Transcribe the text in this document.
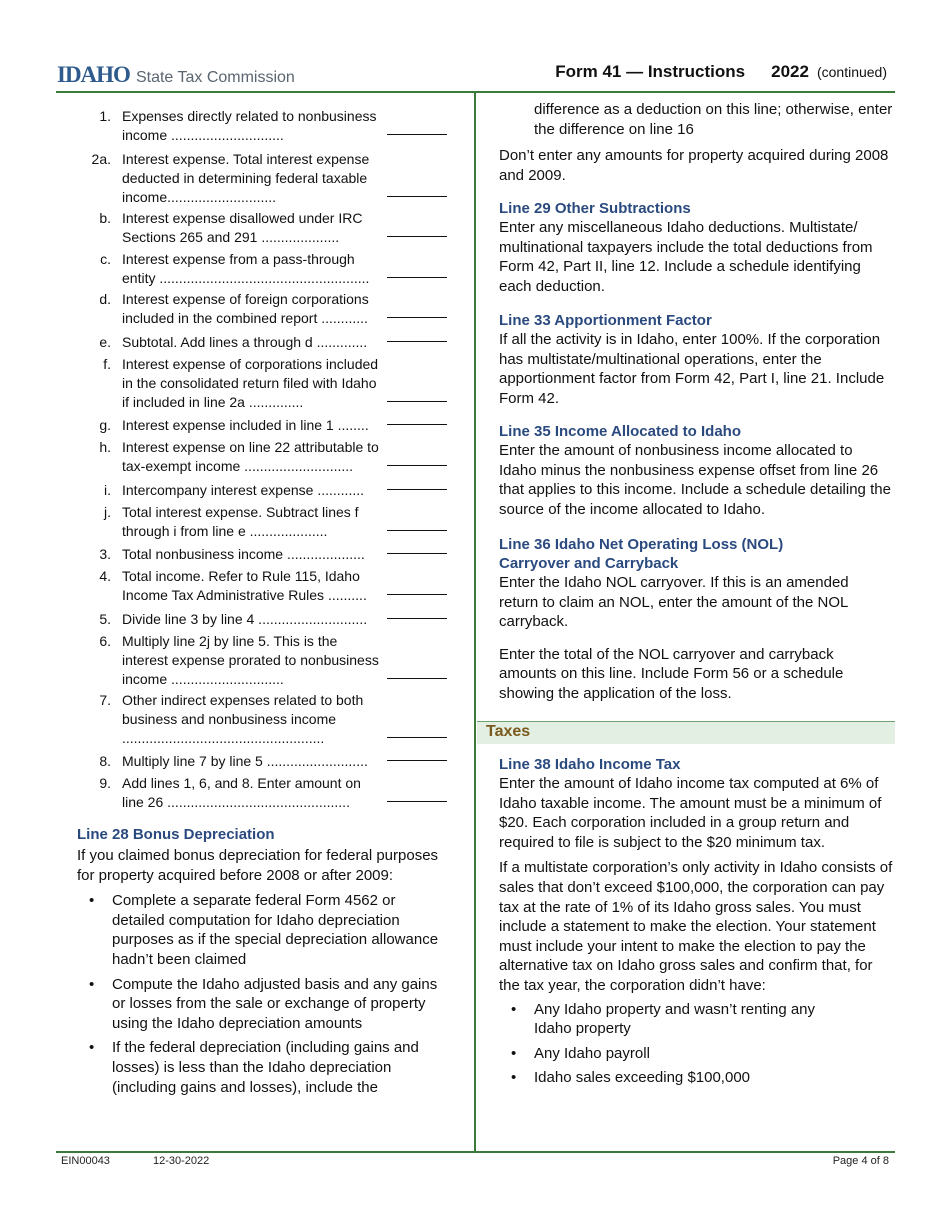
IDAHO State Tax Commission	Form 41 — Instructions 2022 (continued)
1. Expenses directly related to nonbusiness income .............................
2a. Interest expense. Total interest expense deducted in determining federal taxable income............................
b. Interest expense disallowed under IRC Sections 265 and 291 ....................
c. Interest expense from a pass-through entity ......................................................
d. Interest expense of foreign corporations included in the combined report ............
e. Subtotal. Add lines a through d .............
f. Interest expense of corporations included in the consolidated return filed with Idaho if included in line 2a ..............
g. Interest expense included in line 1 ........
h. Interest expense on line 22 attributable to tax-exempt income ............................
i. Intercompany interest expense ............
j. Total interest expense. Subtract lines f through i from line e ....................
3. Total nonbusiness income ....................
4. Total income. Refer to Rule 115, Idaho Income Tax Administrative Rules ..........
5. Divide line 3 by line 4 ............................
6. Multiply line 2j by line 5. This is the interest expense prorated to nonbusiness income .............................
7. Other indirect expenses related to both business and nonbusiness income ....................................................
8. Multiply line 7 by line 5 ..........................
9. Add lines 1, 6, and 8. Enter amount on line 26 ...............................................
Line 28 Bonus Depreciation
If you claimed bonus depreciation for federal purposes for property acquired before 2008 or after 2009:
• Complete a separate federal Form 4562 or detailed computation for Idaho depreciation purposes as if the special depreciation allowance hadn’t been claimed
• Compute the Idaho adjusted basis and any gains or losses from the sale or exchange of property using the Idaho depreciation amounts
• If the federal depreciation (including gains and losses) is less than the Idaho depreciation (including gains and losses), include the
difference as a deduction on this line; otherwise, enter the difference on line 16
Don’t enter any amounts for property acquired during 2008 and 2009.
Line 29 Other Subtractions
Enter any miscellaneous Idaho deductions. Multistate/ multinational taxpayers include the total deductions from Form 42, Part II, line 12. Include a schedule identifying each deduction.
Line 33 Apportionment Factor
If all the activity is in Idaho, enter 100%. If the corporation has multistate/multinational operations, enter the apportionment factor from Form 42, Part I, line 21. Include Form 42.
Line 35 Income Allocated to Idaho
Enter the amount of nonbusiness income allocated to Idaho minus the nonbusiness expense offset from line 26 that applies to this income. Include a schedule detailing the source of the income allocated to Idaho.
Line 36 Idaho Net Operating Loss (NOL) Carryover and Carryback
Enter the Idaho NOL carryover. If this is an amended return to claim an NOL, enter the amount of the NOL carryback.
Enter the total of the NOL carryover and carryback amounts on this line. Include Form 56 or a schedule showing the application of the loss.
Taxes
Line 38 Idaho Income Tax
Enter the amount of Idaho income tax computed at 6% of Idaho taxable income. The amount must be a minimum of $20. Each corporation included in a group return and required to file is subject to the $20 minimum tax.
If a multistate corporation’s only activity in Idaho consists of sales that don’t exceed $100,000, the corporation can pay tax at the rate of 1% of its Idaho gross sales. You must include a statement to make the election. Your statement must include your intent to make the election to pay the alternative tax on Idaho gross sales and confirm that, for the tax year, the corporation didn’t have:
• Any Idaho property and wasn’t renting any Idaho property
• Any Idaho payroll
• Idaho sales exceeding $100,000
EIN00043	12-30-2022	Page 4 of 8
